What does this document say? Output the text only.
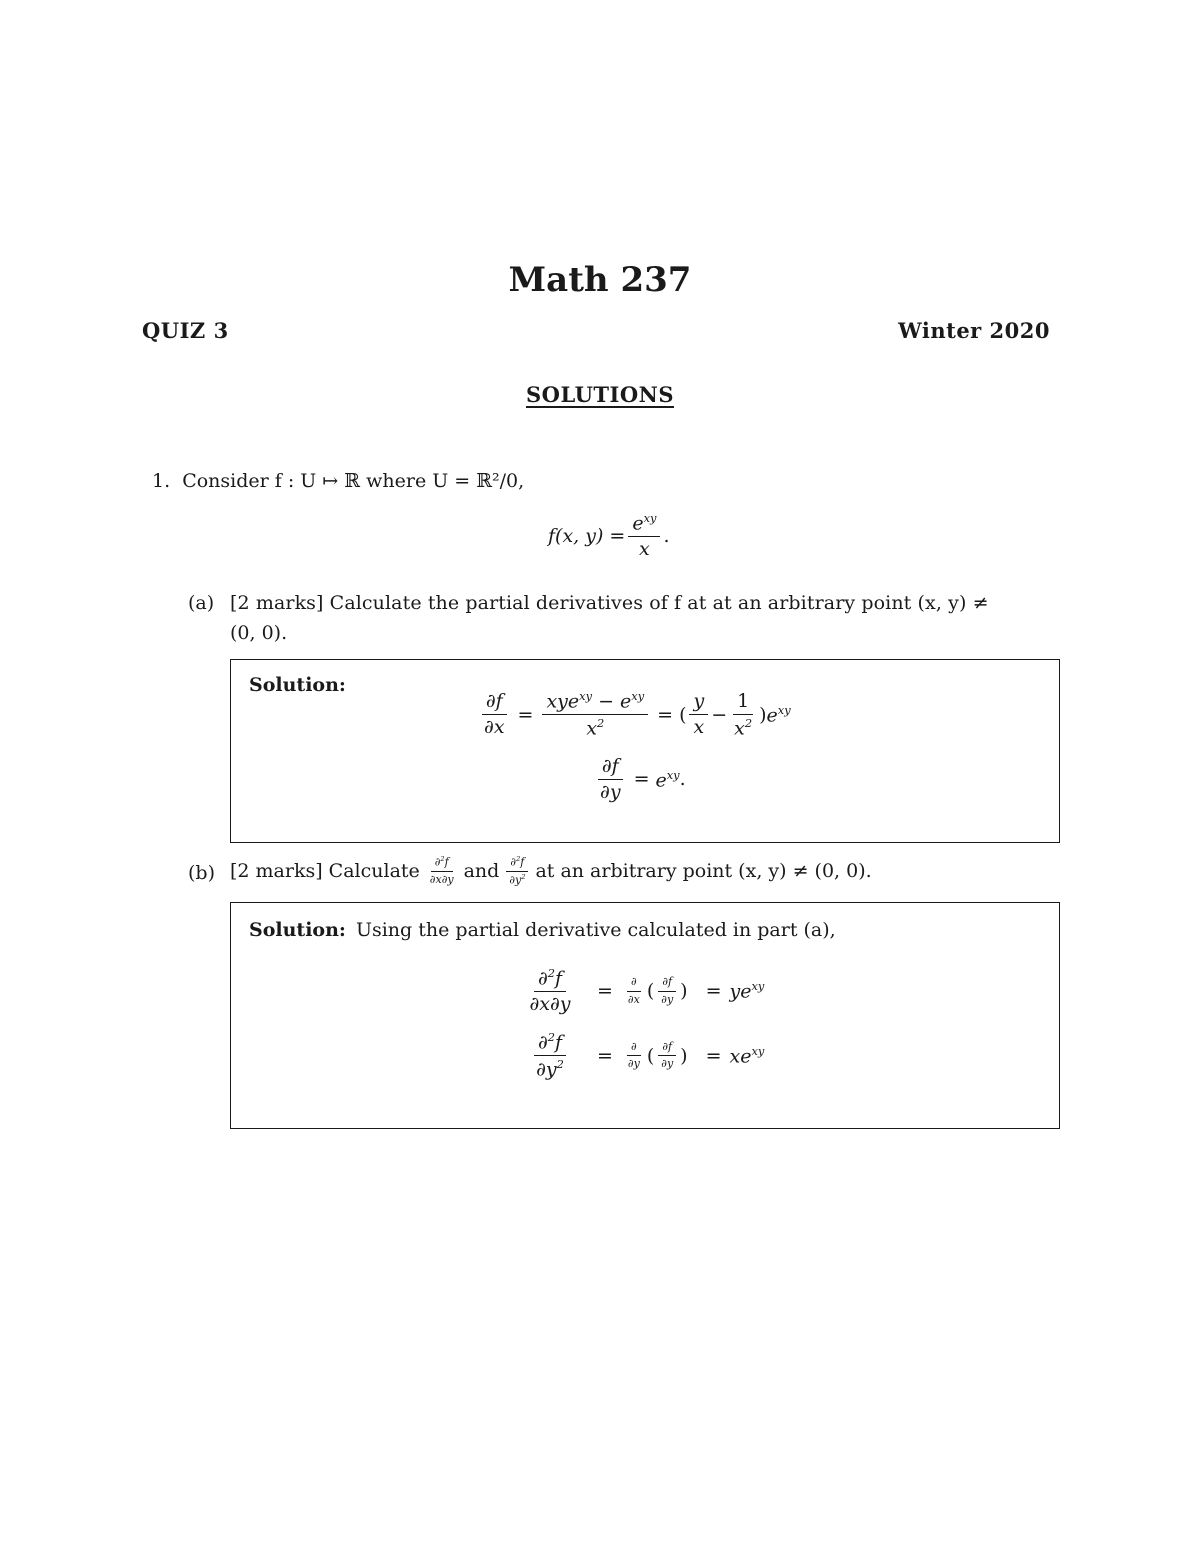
Math 237
QUIZ 3	Winter 2020
SOLUTIONS
1. Consider f : U ↦ ℝ where U = ℝ²/0,
f(x, $y) = \frac{e^{xy}}{x}$ .
(a) [2 marks] Calculate the partial derivatives of f at at an arbitrary point (x, y) ≠
(0, 0).
Solution:
$\frac{\partial f}{\partial x} = \frac{xye^{xy} - e^{xy}}{x^2}$ = ( $\frac{y}{x} - \frac{1}{x^2}$ ) $e^{xy}$
$\frac{\partial f}{\partial y} = e^{xy}$ .
(b) [2 marks] Calculate $\frac{\partial^2f}{\partial x\partial y}$ and $\frac{\partial^2f}{\partial y^2}$ at an arbitrary point (x, y) ≠ (0, 0).
Solution: Using the partial derivative calculated in part (a),
$\frac{\partial^2f}{\partial x\partial y} = \frac{\partial}{\partial x}$ ( $\frac{\partial f}{\partial y}$ ) = $ye^{xy}$
$\frac{\partial^2f}{\partial y^2} = \frac{\partial}{\partial y}$ ( $\frac{\partial f}{\partial y}$ ) = $xe^{xy}$
